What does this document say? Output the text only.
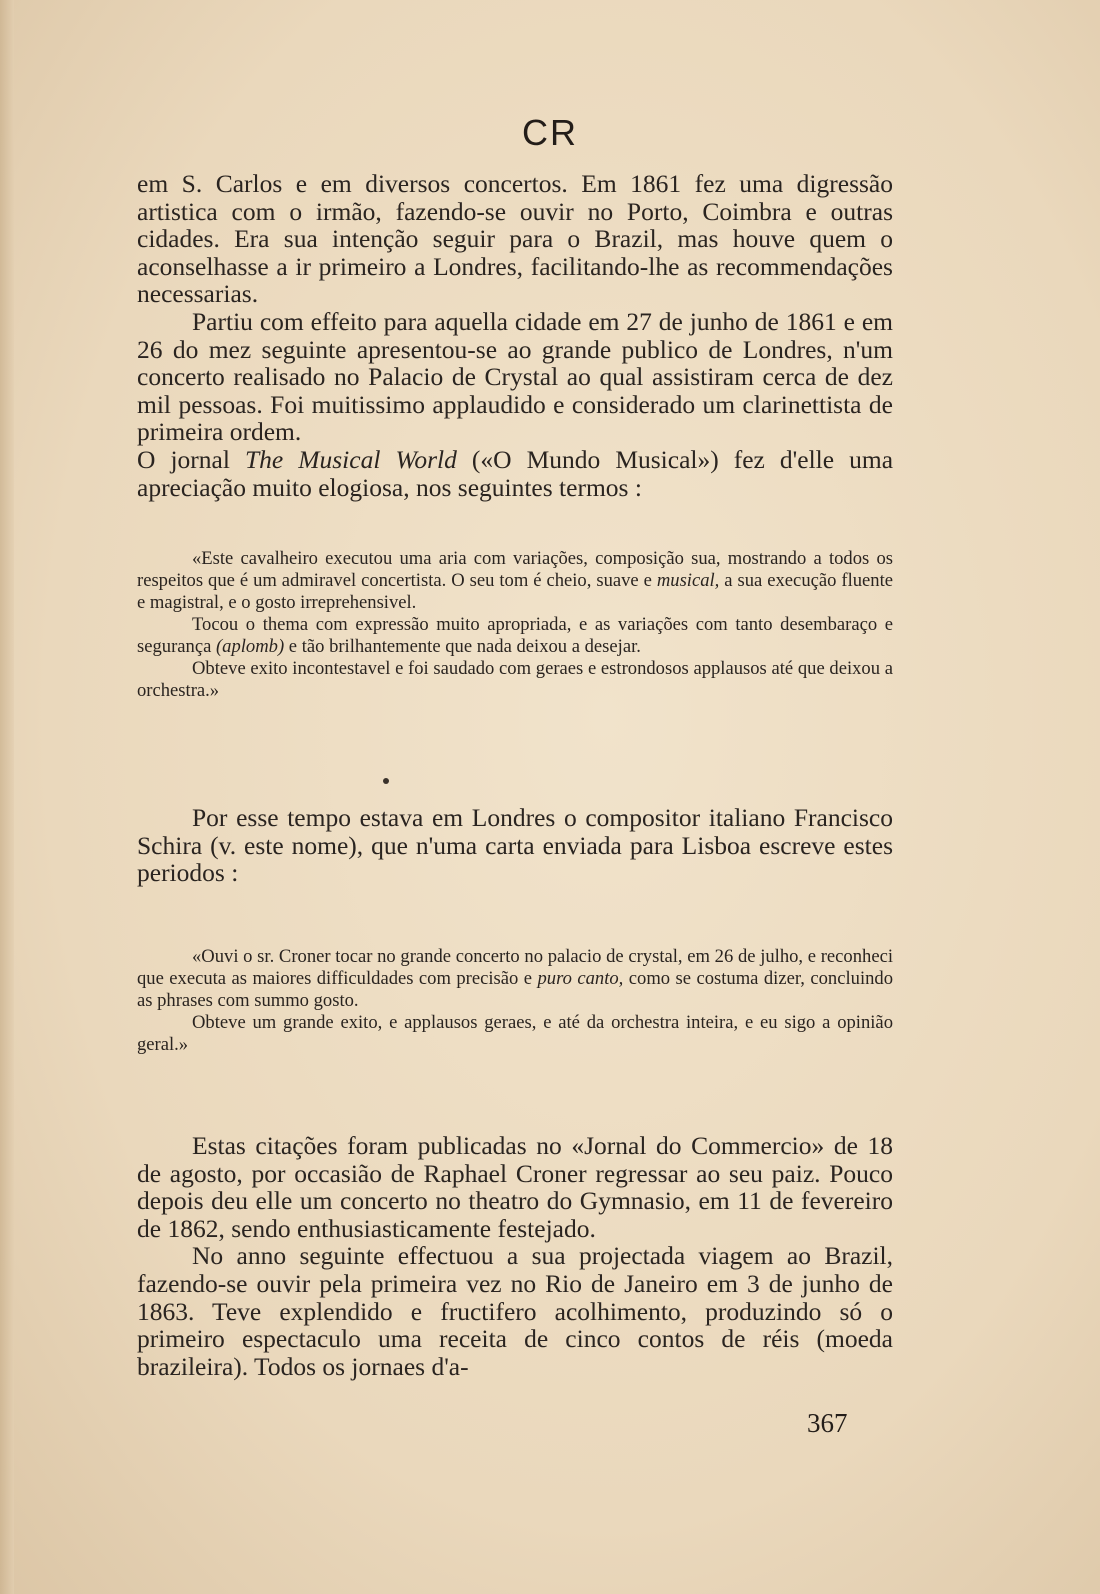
CR

em S. Carlos e em diversos concertos. Em 1861 fez uma digressão artistica com o irmão, fazendo-se ouvir no Porto, Coimbra e outras cidades. Era sua intenção seguir para o Brazil, mas houve quem o aconselhasse a ir primeiro a Londres, facilitando-lhe as recommendações necessarias.

Partiu com effeito para aquella cidade em 27 de junho de 1861 e em 26 do mez seguinte apresentou-se ao grande publico de Londres, n'um concerto realisado no Palacio de Crystal ao qual assistiram cerca de dez mil pessoas. Foi muitissimo applaudido e considerado um clarinettista de primeira ordem.

O jornal The Musical World («O Mundo Musical») fez d'elle uma apreciação muito elogiosa, nos seguintes termos :

«Este cavalheiro executou uma aria com variações, composição sua, mostrando a todos os respeitos que é um admiravel concertista. O seu tom é cheio, suave e musical, a sua execução fluente e magistral, e o gosto irreprehensivel.

Tocou o thema com expressão muito apropriada, e as variações com tanto desembaraço e segurança (aplomb) e tão brilhantemente que nada deixou a desejar.

Obteve exito incontestavel e foi saudado com geraes e estrondosos applausos até que deixou a orchestra.»

Por esse tempo estava em Londres o compositor italiano Francisco Schira (v. este nome), que n'uma carta enviada para Lisboa escreve estes periodos :

«Ouvi o sr. Croner tocar no grande concerto no palacio de crystal, em 26 de julho, e reconheci que executa as maiores difficuldades com precisão e puro canto, como se costuma dizer, concluindo as phrases com summo gosto.

Obteve um grande exito, e applausos geraes, e até da orchestra inteira, e eu sigo a opinião geral.»

Estas citações foram publicadas no «Jornal do Commercio» de 18 de agosto, por occasião de Raphael Croner regressar ao seu paiz. Pouco depois deu elle um concerto no theatro do Gymnasio, em 11 de fevereiro de 1862, sendo enthusiasticamente festejado.

No anno seguinte effectuou a sua projectada viagem ao Brazil, fazendo-se ouvir pela primeira vez no Rio de Janeiro em 3 de junho de 1863. Teve explendido e fructifero acolhimento, produzindo só o primeiro espectaculo uma receita de cinco contos de réis (moeda brazileira). Todos os jornaes d'a-

367
